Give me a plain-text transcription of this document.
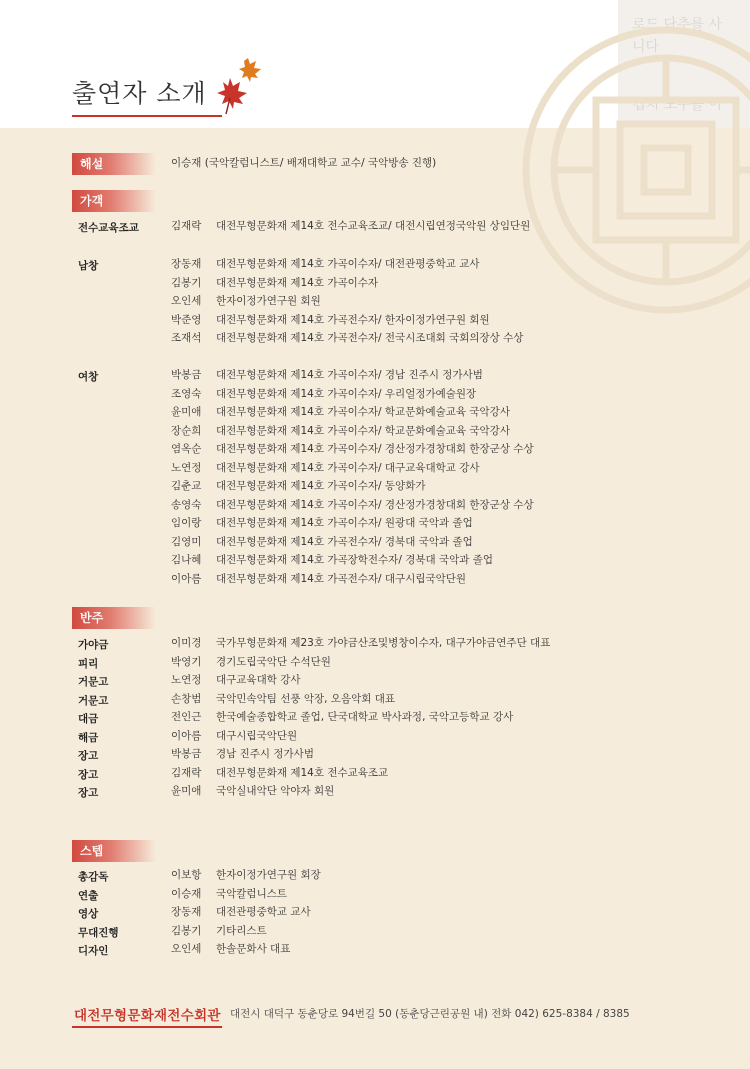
로드 단추를 사
니다
캡처 도구를 이
출연자 소개
해설	이승재 (국악칼럼니스트/ 배재대학교 교수/ 국악방송 진행)
가객
전수교육조교	김재락 대전무형문화재 제14호 전수교육조교/ 대전시립연정국악원 상임단원
남창	장동재 대전무형문화재 제14호 가곡이수자/ 대전관평중학교 교사
김봉기 대전무형문화재 제14호 가곡이수자
오인세 한자이정가연구원 회원
박준영 대전무형문화재 제14호 가곡전수자/ 한자이정가연구원 회원
조재석 대전무형문화재 제14호 가곡전수자/ 전국시조대회 국회의장상 수상
여창	박봉금 대전무형문화재 제14호 가곡이수자/ 경남 진주시 정가사범
조영숙 대전무형문화재 제14호 가곡이수자/ 우리얼정가예술원장
윤미애 대전무형문화재 제14호 가곡이수자/ 학교문화예술교육 국악강사
장순희 대전무형문화재 제14호 가곡이수자/ 학교문화예술교육 국악강사
염옥순 대전무형문화재 제14호 가곡이수자/ 경산정가경창대회 한장군상 수상
노연정 대전무형문화재 제14호 가곡이수자/ 대구교육대학교 강사
김춘교 대전무형문화재 제14호 가곡이수자/ 동양화가
송영숙 대전무형문화재 제14호 가곡이수자/ 경산정가경창대회 한장군상 수상
임이랑 대전무형문화재 제14호 가곡이수자/ 원광대 국악과 졸업
김영미 대전무형문화재 제14호 가곡전수자/ 경북대 국악과 졸업
김나혜 대전무형문화재 제14호 가곡장학전수자/ 경북대 국악과 졸업
이아름 대전무형문화재 제14호 가곡전수자/ 대구시립국악단원
반주
가야금	이미경 국가무형문화재 제23호 가야금산조및병창이수자, 대구가야금연주단 대표
피리	박영기 경기도립국악단 수석단원
거문고	노연정 대구교육대학 강사
거문고	손창범 국악민속악팀 선풍 악장, 오음악회 대표
대금	전인근 한국예술종합학교 졸업, 단국대학교 박사과정, 국악고등학교 강사
해금	이아름 대구시립국악단원
장고	박봉금 경남 진주시 정가사범
장고	김재락 대전무형문화재 제14호 전수교육조교
장고	윤미애 국악실내악단 악야자 회원
스텝
총감독	이보항 한자이정가연구원 회장
연출	이승재 국악칼럼니스트
영상	장동재 대전관평중학교 교사
무대진행	김봉기 기타리스트
디자인	오인세 한솔문화사 대표
대전무형문화재전수회관 대전시 대덕구 동춘당로 94번길 50 (동춘당근린공원 내) 전화 042) 625-8384 / 8385
